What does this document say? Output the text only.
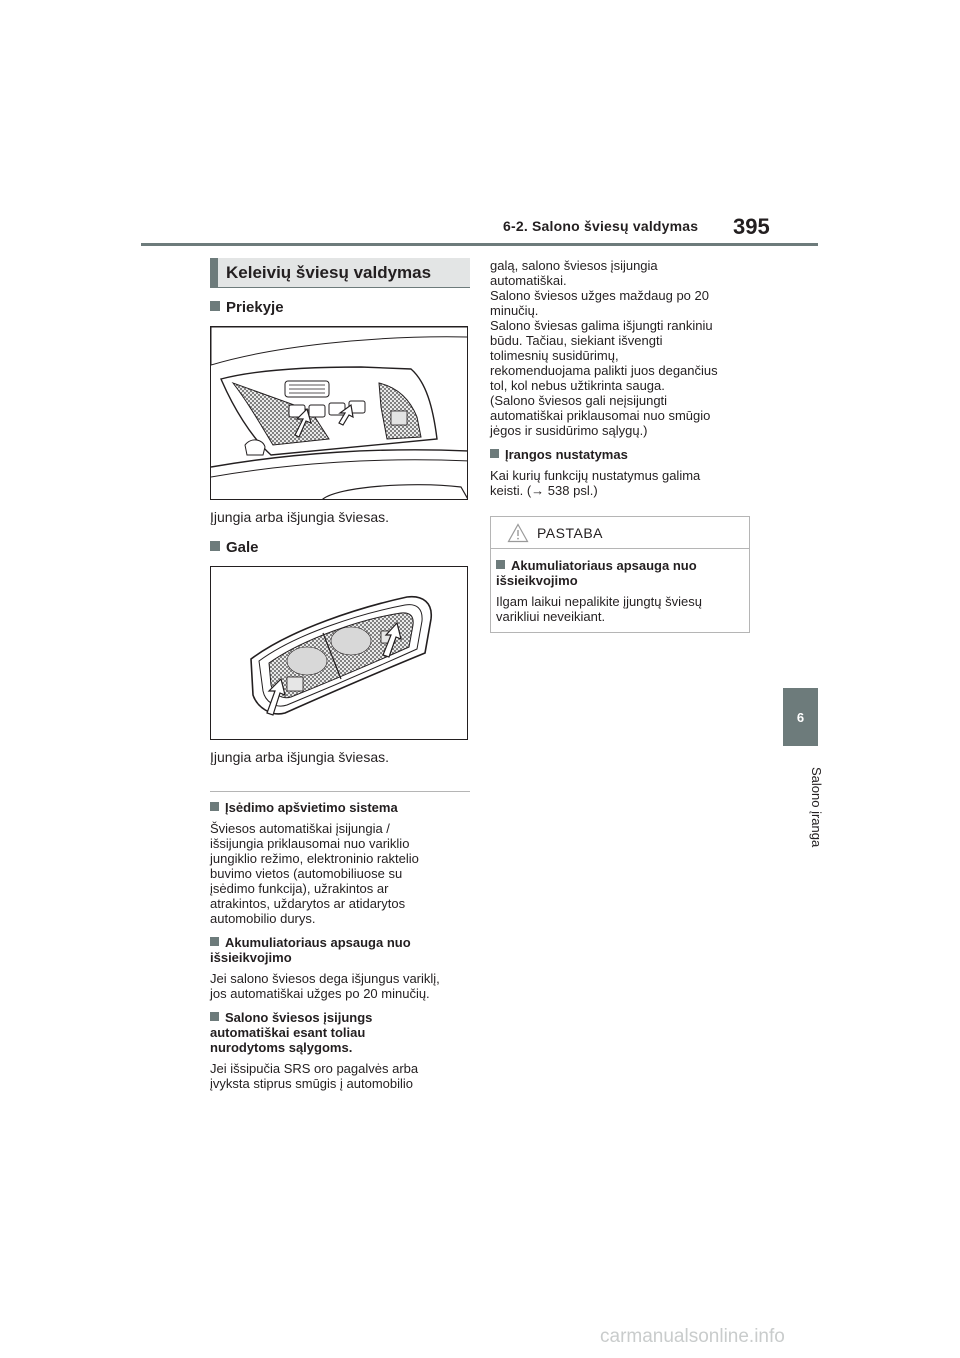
6-2. Salono šviesų valdymas 395
6
Salono įranga
Keleivių šviesų valdymas
Priekyje
Įjungia arba išjungia šviesas.
Gale
Įjungia arba išjungia šviesas.
Įsėdimo apšvietimo sistema
Šviesos automatiškai įsijungia /
išsijungia priklausomai nuo variklio
jungiklio režimo, elektroninio raktelio
buvimo vietos (automobiliuose su
įsėdimo funkcija), užrakintos ar
atrakintos, uždarytos ar atidarytos
automobilio durys.
Akumuliatoriaus apsauga nuo
išsieikvojimo
Jei salono šviesos dega išjungus variklį,
jos automatiškai užges po 20 minučių.
Salono šviesos įsijungs
automatiškai esant toliau
nurodytoms sąlygoms.
Jei išsipučia SRS oro pagalvės arba
įvyksta stiprus smūgis į automobilio
galą, salono šviesos įsijungia
automatiškai.
Salono šviesos užges maždaug po 20
minučių.
Salono šviesas galima išjungti rankiniu
būdu. Tačiau, siekiant išvengti
tolimesnių susidūrimų,
rekomenduojama palikti juos degančius
tol, kol nebus užtikrinta sauga.
(Salono šviesos gali neįsijungti
automatiškai priklausomai nuo smūgio
jėgos ir susidūrimo sąlygų.)
Įrangos nustatymas
Kai kurių funkcijų nustatymus galima
keisti. (→ 538 psl.)
PASTABA
Akumuliatoriaus apsauga nuo
išsieikvojimo
Ilgam laikui nepalikite įjungtų šviesų
varikliui neveikiant.
carmanualsonline.info
